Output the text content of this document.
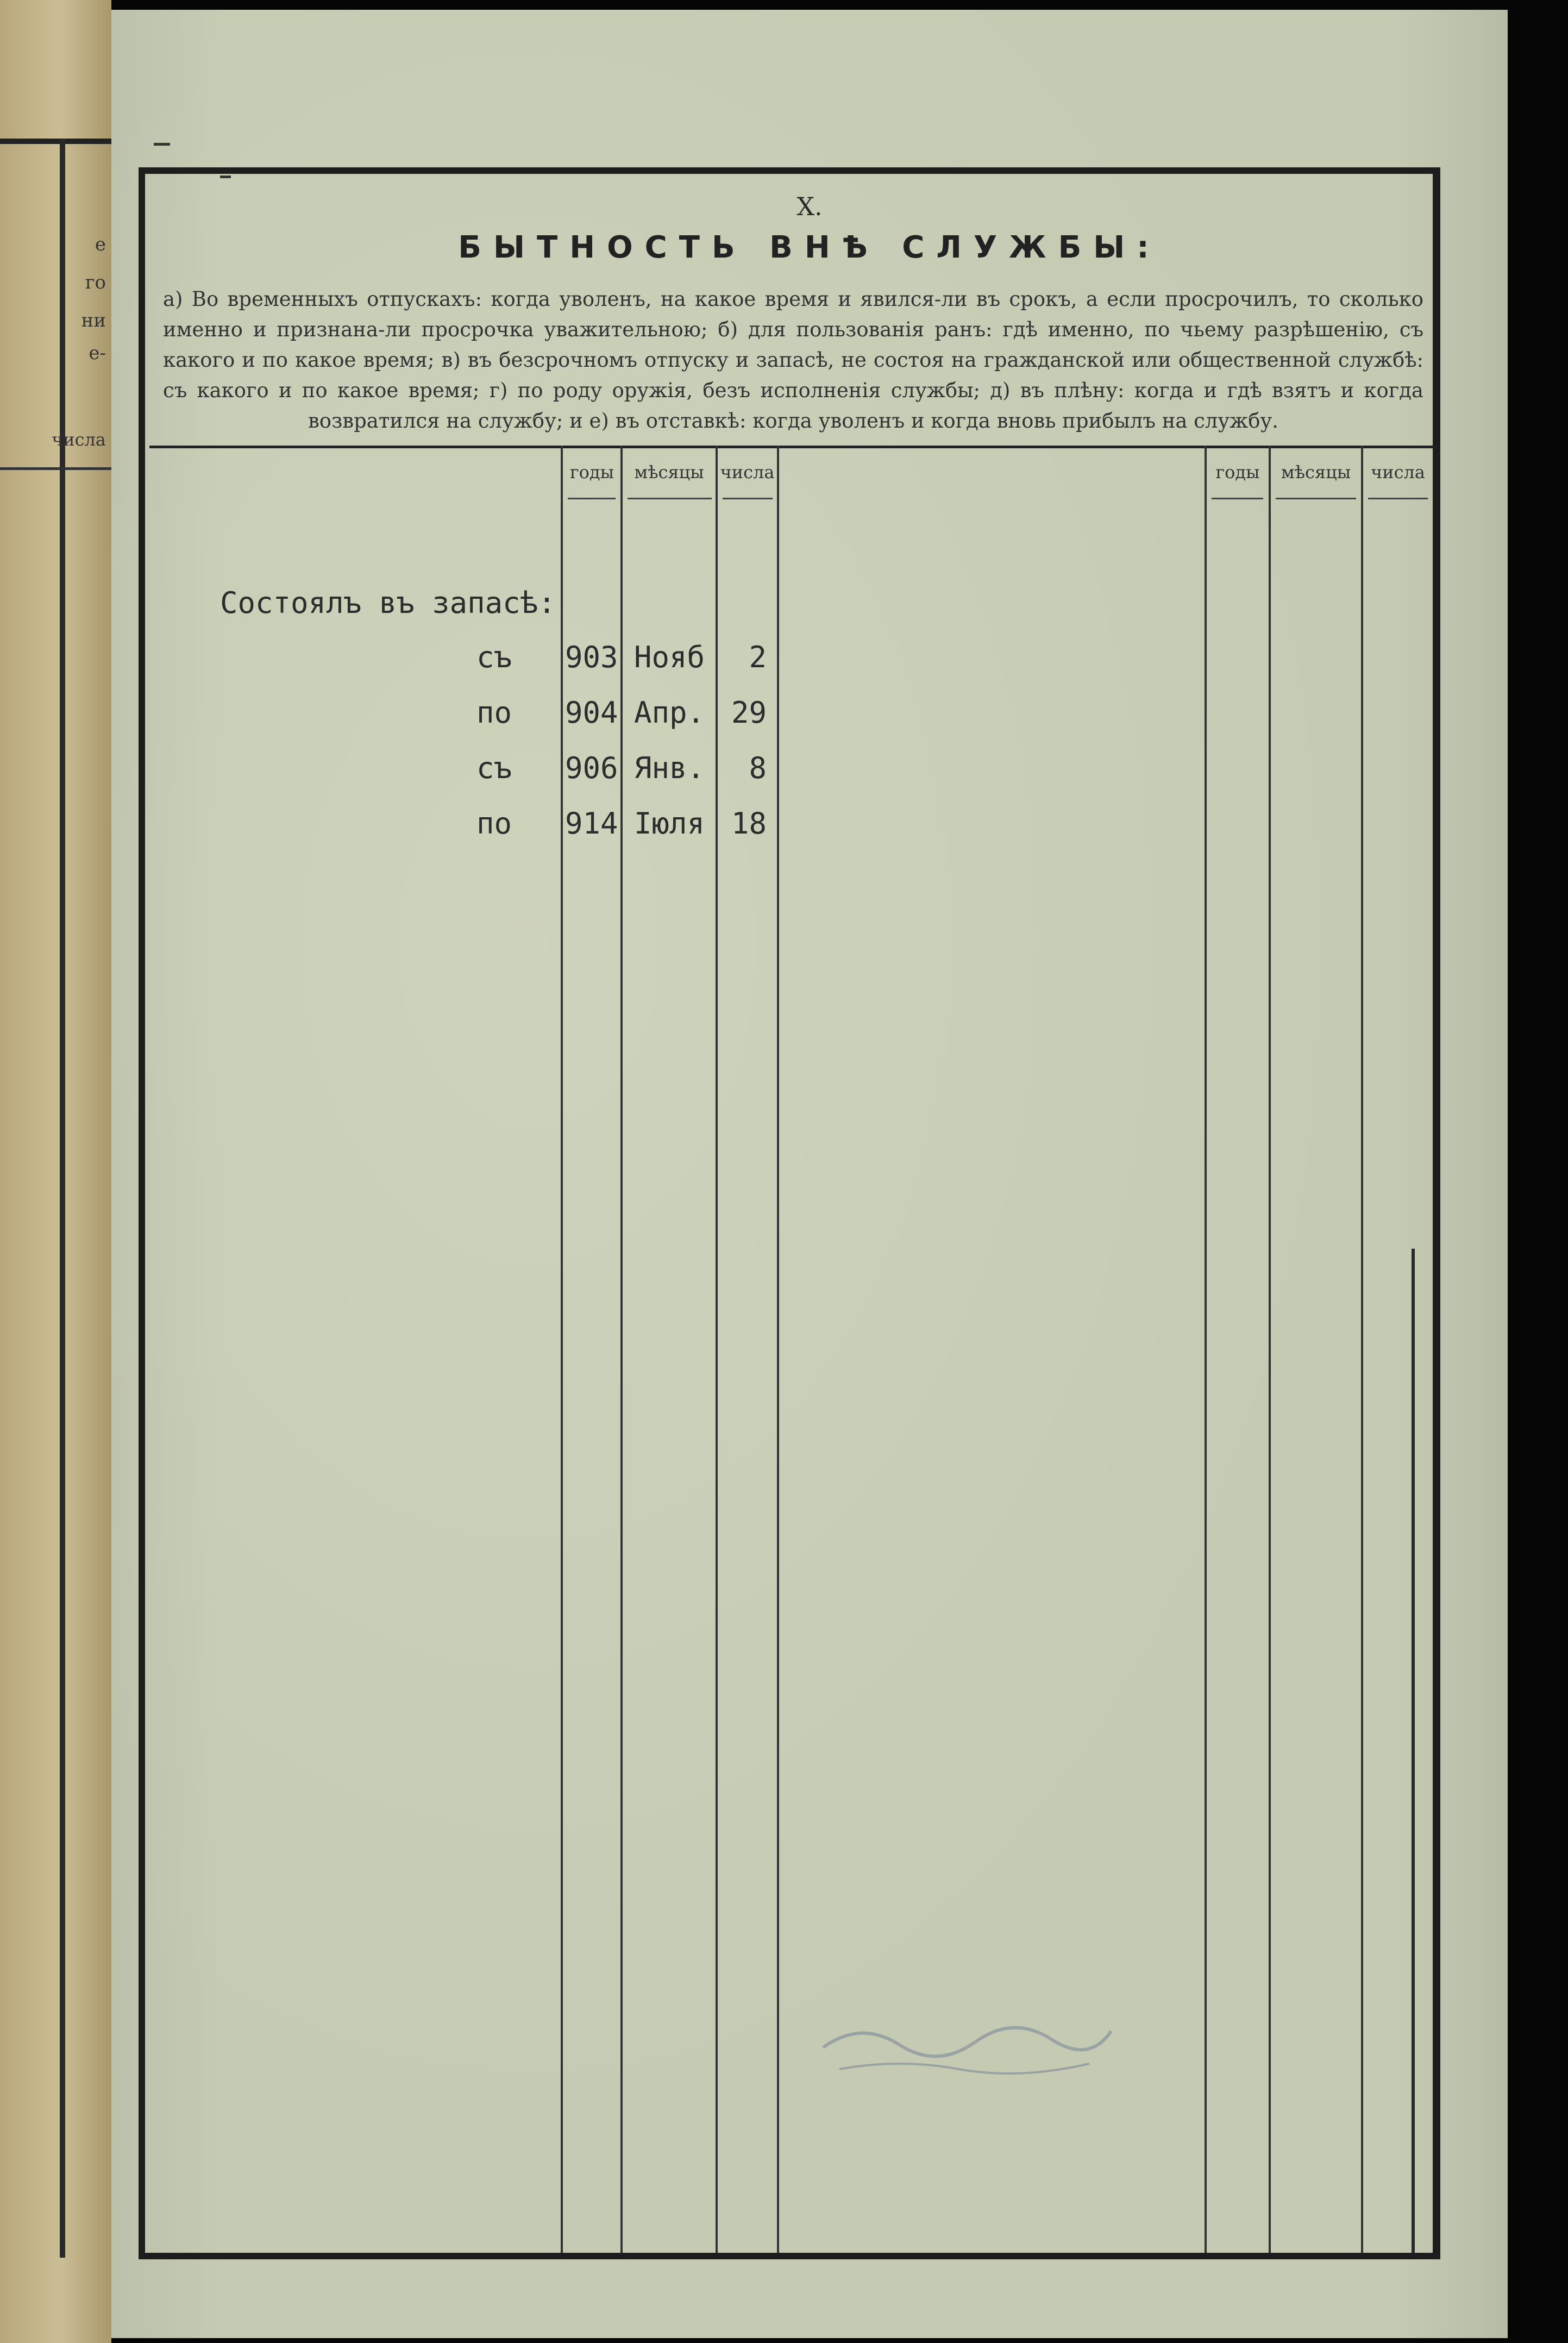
е
го
ни
е-
числа
X.
БЫТНОСТЬ ВНѢ СЛУЖБЫ:
а) Во временныхъ отпускахъ: когда уволенъ, на какое время и явился-ли въ срокъ, а если просрочилъ, то сколько именно и признана-ли просрочка уважительною; б) для пользованія ранъ: гдѣ именно, по чьему разрѣшенію, съ какого и по какое время; в) въ безсрочномъ отпуску и запасѣ, не состоя на гражданской или общественной службѣ: съ какого и по какое время; г) по роду оружія, безъ исполненія службы; д) въ плѣну: когда и гдѣ взятъ и когда возвратился на службу; и е) въ отставкѣ: когда уволенъ и когда вновь прибылъ на службу.
годы	мѣсяцы числа	годы	мѣсяцы	числа
Состоялъ въ запасѣ:
съ 903 Нояб	2
по 904 Апр. 29
съ 906 Янв.	8
по 914 Іюля 18
